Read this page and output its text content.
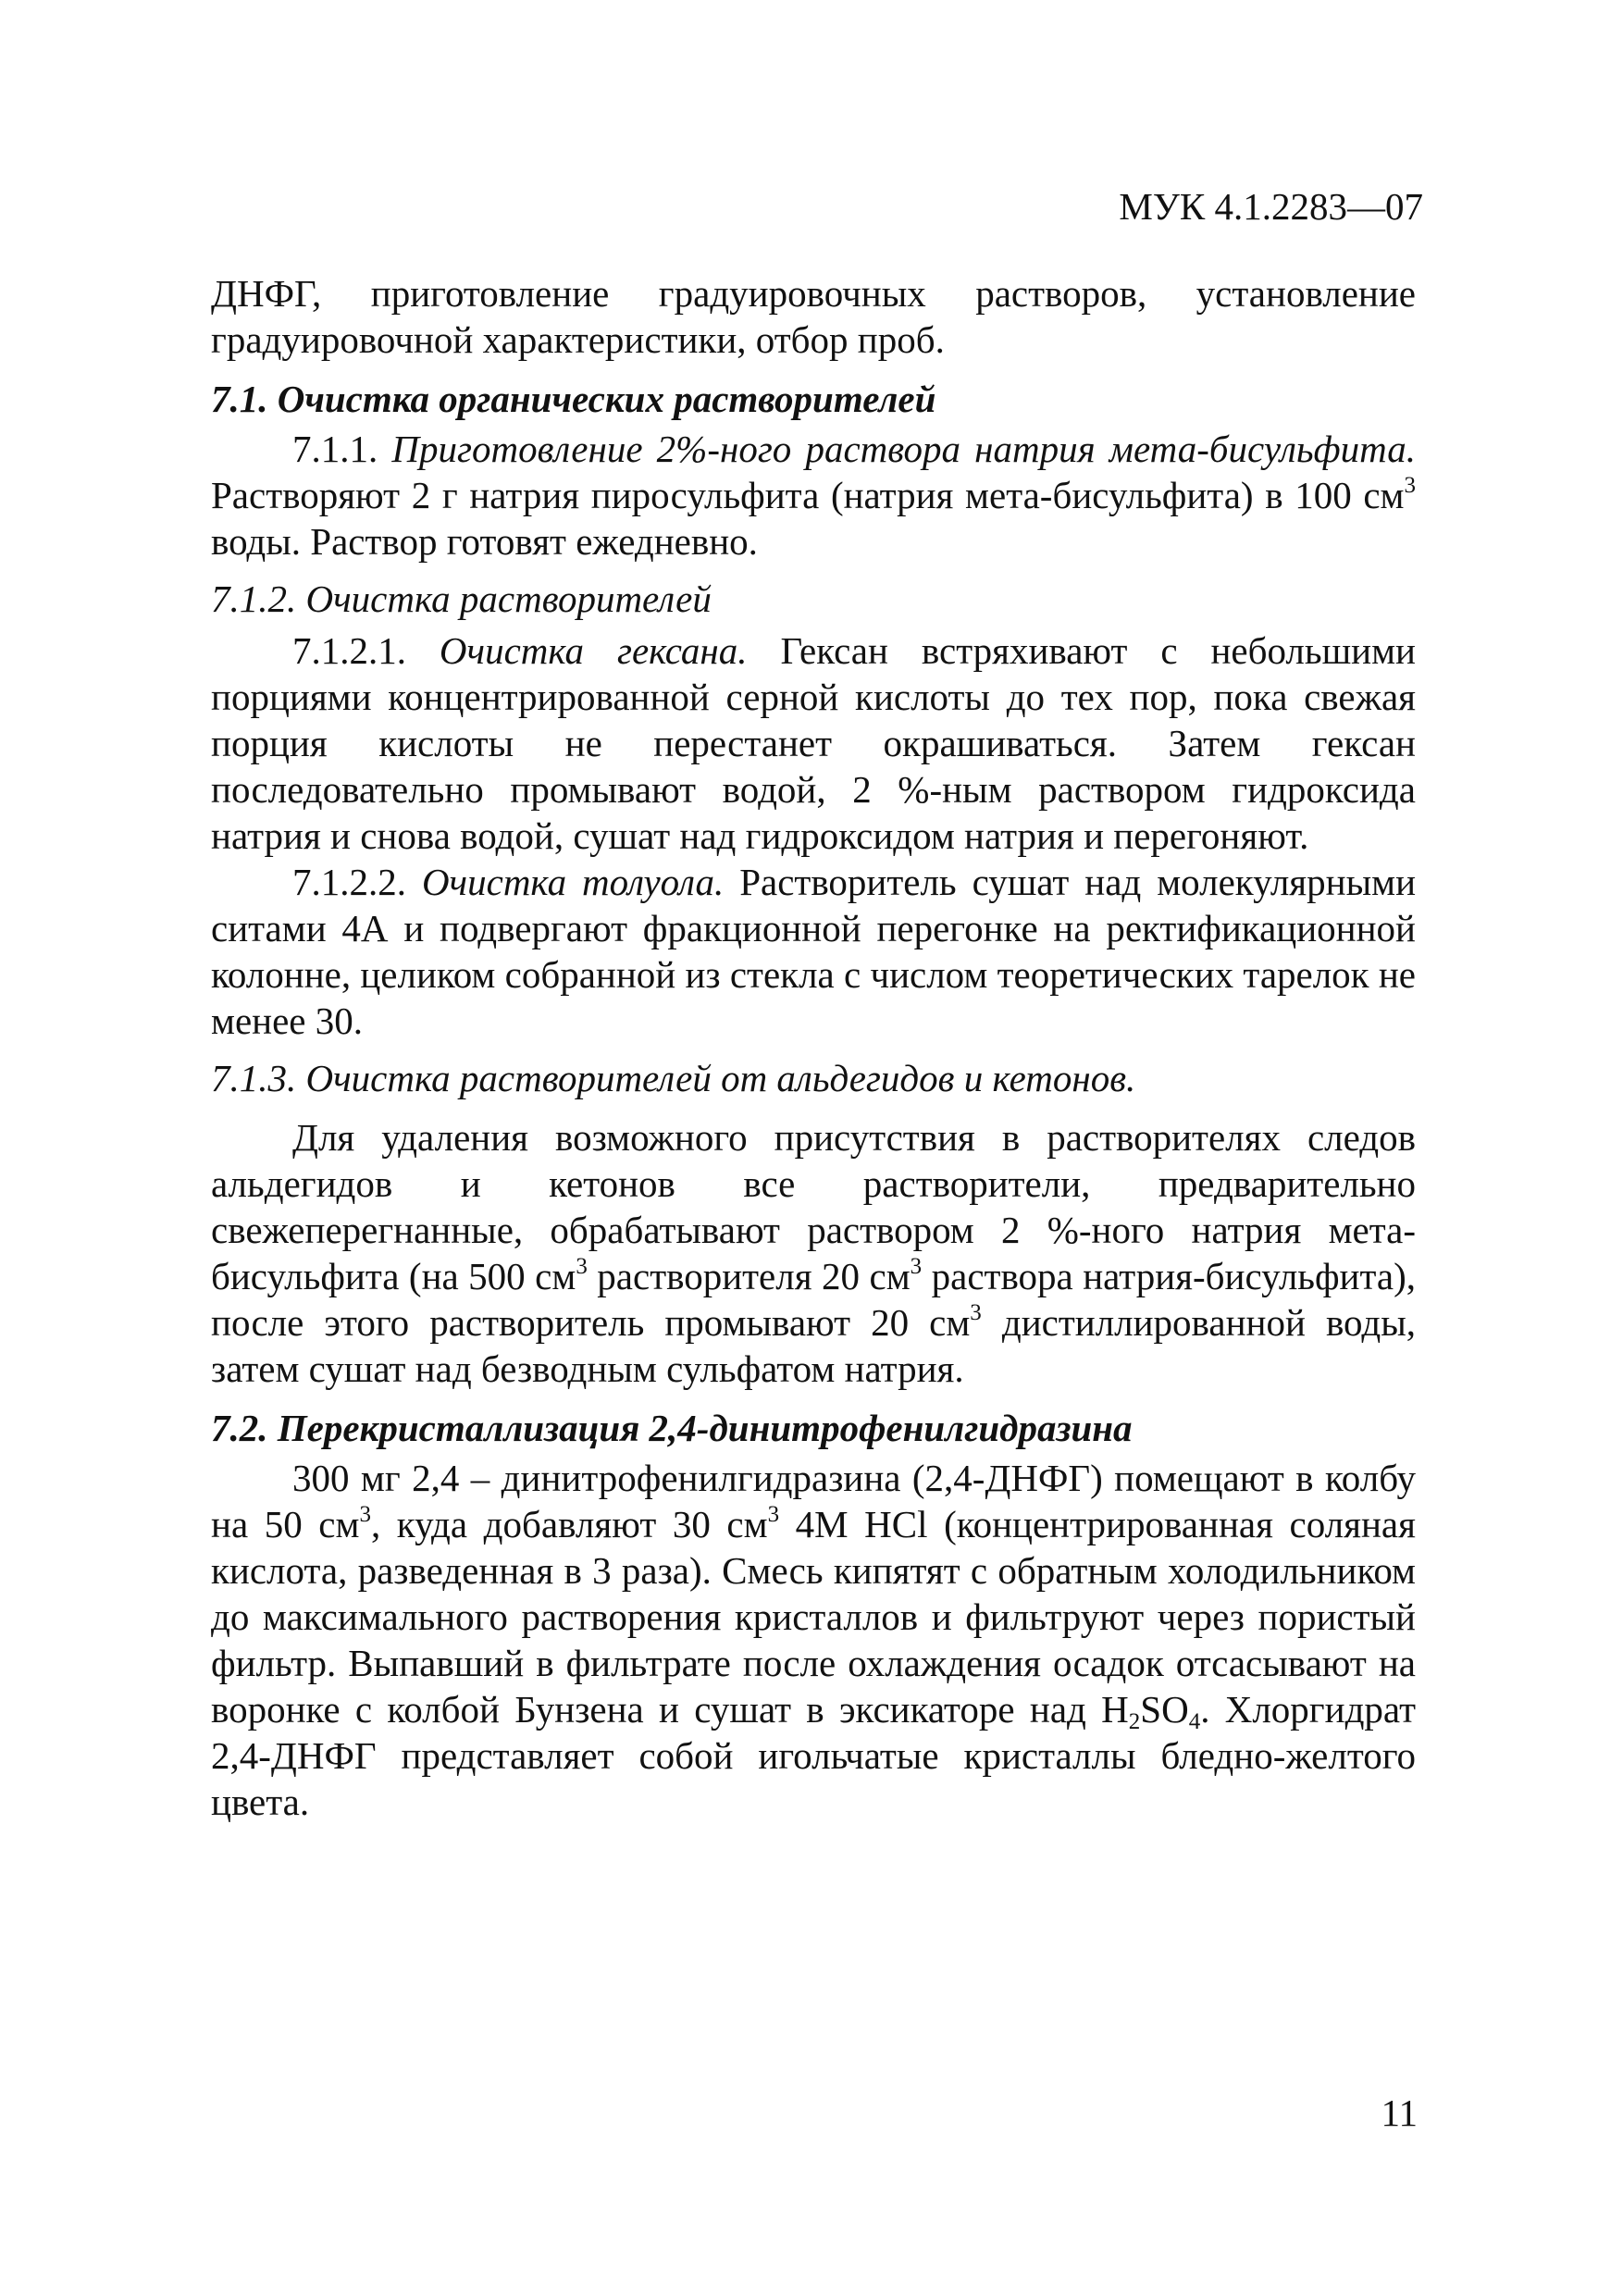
МУК 4.1.2283—07

ДНФГ, приготовление градуировочных растворов, установление градуировочной характеристики, отбор проб.

7.1. Очистка органических растворителей

7.1.1. Приготовление 2%-ного раствора натрия мета-бисульфита. Растворяют 2 г натрия пиросульфита (натрия мета-бисульфита) в 100 $см^3$ воды. Раствор готовят ежедневно.

7.1.2. Очистка растворителей

7.1.2.1. Очистка гексана. Гексан встряхивают с небольшими порциями концентрированной серной кислоты до тех пор, пока свежая порция кислоты не перестанет окрашиваться. Затем гексан последовательно промывают водой, 2 %-ным раствором гидроксида натрия и снова водой, сушат над гидроксидом натрия и перегоняют.

7.1.2.2. Очистка толуола. Растворитель сушат над молекулярными ситами 4А и подвергают фракционной перегонке на ректификационной колонне, целиком собранной из стекла с числом теоретических тарелок не менее 30.

7.1.3. Очистка растворителей от альдегидов и кетонов.

Для удаления возможного присутствия в растворителях следов альдегидов и кетонов все растворители, предварительно свежеперегнанные, обрабатывают раствором 2 %-ного натрия мета-бисульфита (на 500 $см^3$ растворителя 20 $см^3$ раствора натрия-бисульфита), после этого растворитель промывают 20 $см^3$ дистиллированной воды, затем сушат над безводным сульфатом натрия.

7.2. Перекристаллизация 2,4-динитрофенилгидразина

300 мг 2,4 – динитрофенилгидразина (2,4-ДНФГ) помещают в колбу на 50 $см^3$, куда добавляют 30 $см^3$ 4М HCl (концентрированная соляная кислота, разведенная в 3 раза). Смесь кипятят с обратным холодильником до максимального растворения кристаллов и фильтруют через пористый фильтр. Выпавший в фильтрате после охлаждения осадок отсасывают на воронке с колбой Бунзена и сушат в эксикаторе над $H_2SO_4$. Хлоргидрат 2,4-ДНФГ представляет собой игольчатые кристаллы бледно-желтого цвета.

11
